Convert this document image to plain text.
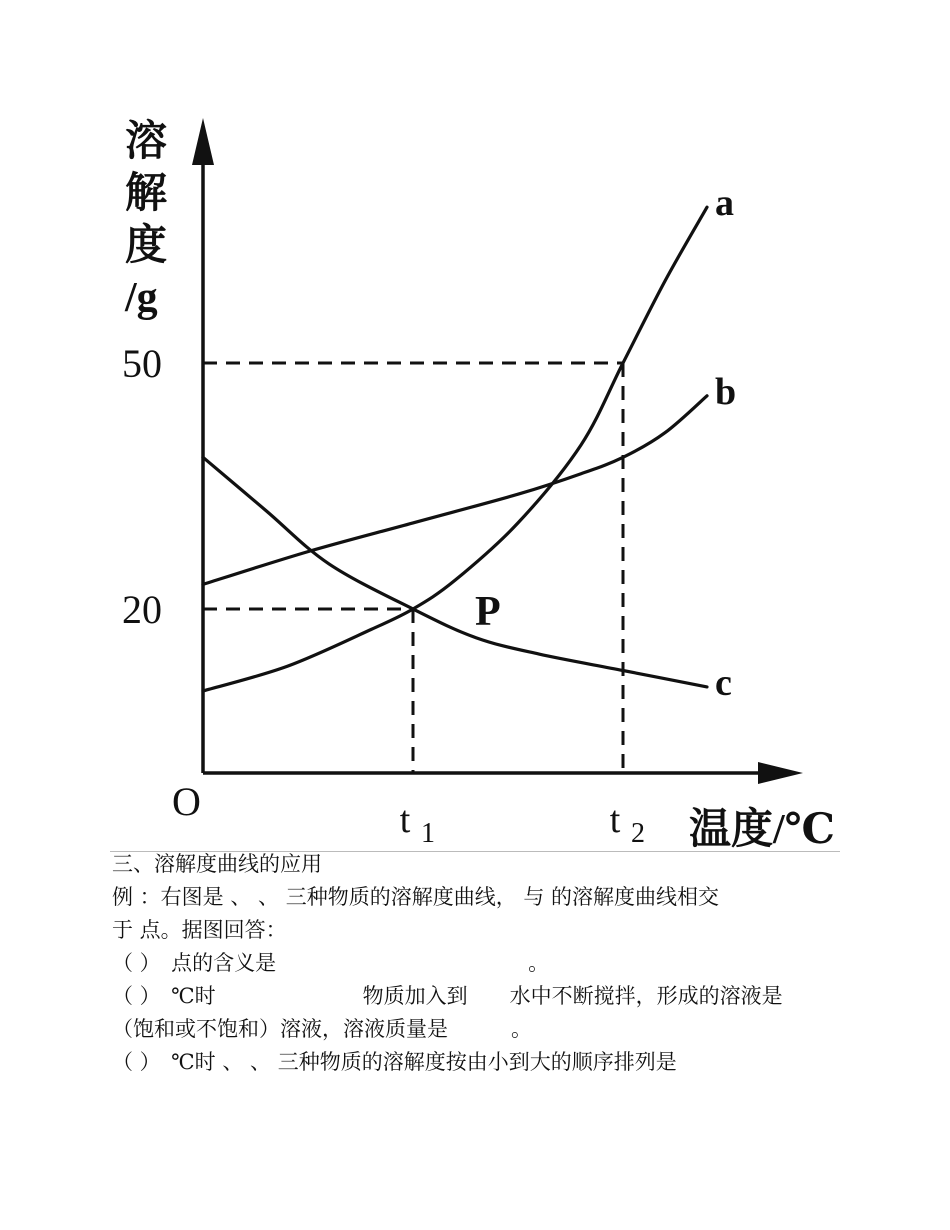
a
b
c
溶
解
度
/g
50
20
t 1	t 2
O
温度/℃
P
三、溶解度曲线的应用
例 ：右图是 、 、 三种物质的溶解度曲线， 与 的溶解度曲线相交
于 点。据图回答：
（ ）　点的含义是　　　　　　　　　　　　。
（ ）　℃时　　　　　　　物质加入到　　水中不断搅拌，形成的溶液是
（饱和或不饱和）溶液，溶液质量是　　　。
（ ）　℃时 、 、 三种物质的溶解度按由小到大的顺序排列是
